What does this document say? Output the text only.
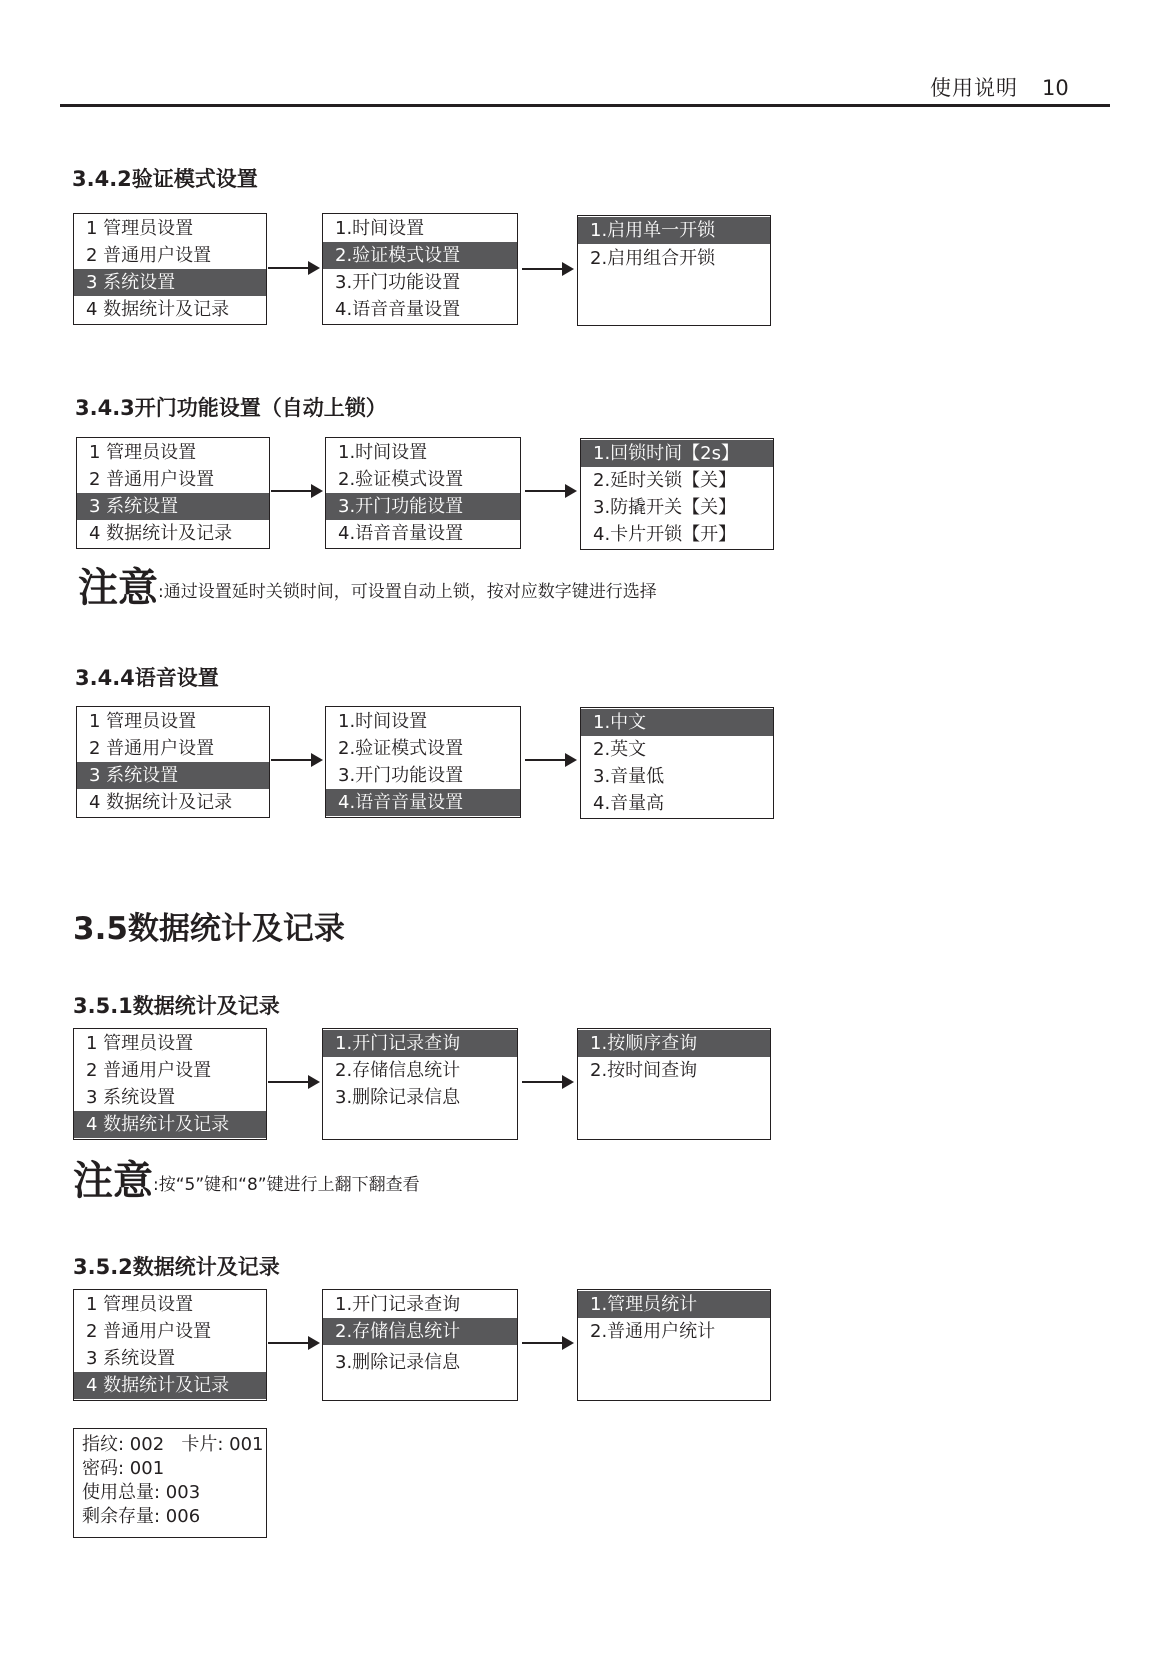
使用说明 10
3.4.2验证模式设置
1 管理员设置
2 普通用户设置
3 系统设置
4 数据统计及记录
1.时间设置
2.验证模式设置
3.开门功能设置
4.语音音量设置
1.启用单一开锁
2.启用组合开锁
3.4.3开门功能设置（自动上锁）
1 管理员设置
2 普通用户设置
3 系统设置
4 数据统计及记录
1.时间设置
2.验证模式设置
3.开门功能设置
4.语音音量设置
1.回锁时间【2s】
2.延时关锁【关】
3.防撬开关【关】
4.卡片开锁【开】
注意:通过设置延时关锁时间，可设置自动上锁，按对应数字键进行选择
3.4.4语音设置
1 管理员设置
2 普通用户设置
3 系统设置
4 数据统计及记录
1.时间设置
2.验证模式设置
3.开门功能设置
4.语音音量设置
1.中文
2.英文
3.音量低
4.音量高
3.5数据统计及记录
3.5.1数据统计及记录
1 管理员设置
2 普通用户设置
3 系统设置
4 数据统计及记录
1.开门记录查询
2.存储信息统计
3.删除记录信息
1.按顺序查询
2.按时间查询
注意:按“5”键和“8”键进行上翻下翻查看
3.5.2数据统计及记录
1 管理员设置
2 普通用户设置
3 系统设置
4 数据统计及记录
1.开门记录查询
2.存储信息统计
3.删除记录信息
1.管理员统计
2.普通用户统计
指纹: 002 卡片: 001
密码: 001
使用总量: 003
剩余存量: 006
